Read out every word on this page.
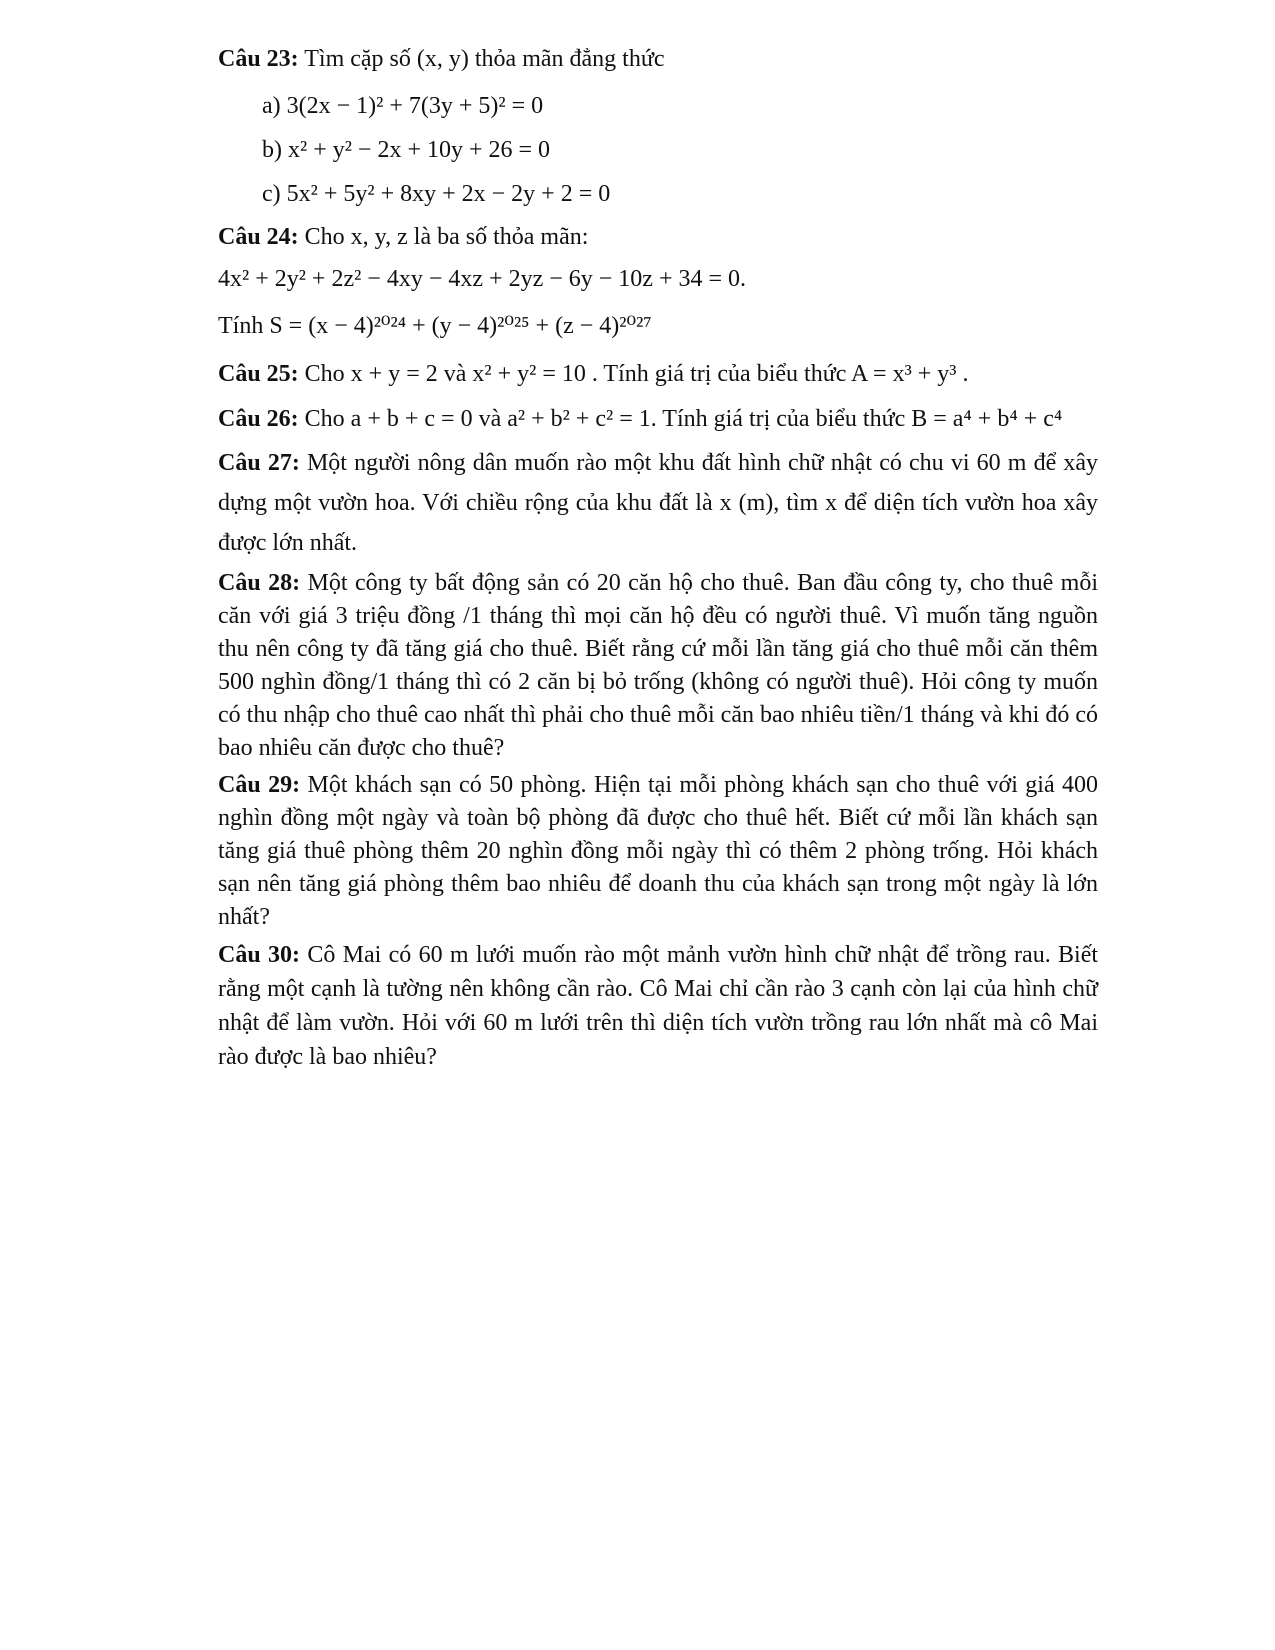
Câu 23: Tìm cặp số (x, y) thỏa mãn đẳng thức
a) 3(2x − 1)² + 7(3y + 5)² = 0
b) x² + y² − 2x + 10y + 26 = 0
c) 5x² + 5y² + 8xy + 2x − 2y + 2 = 0
Câu 24: Cho x, y, z là ba số thỏa mãn:
4x² + 2y² + 2z² − 4xy − 4xz + 2yz − 6y − 10z + 34 = 0.
Tính S = (x − 4)²⁰²⁴ + (y − 4)²⁰²⁵ + (z − 4)²⁰²⁷
Câu 25: Cho x + y = 2 và x² + y² = 10 . Tính giá trị của biểu thức A = x³ + y³ .
Câu 26: Cho a + b + c = 0 và a² + b² + c² = 1. Tính giá trị của biểu thức B = a⁴ + b⁴ + c⁴
Câu 27: Một người nông dân muốn rào một khu đất hình chữ nhật có chu vi 60 m để xây dựng một vườn hoa. Với chiều rộng của khu đất là x (m), tìm x để diện tích vườn hoa xây được lớn nhất.
Câu 28: Một công ty bất động sản có 20 căn hộ cho thuê. Ban đầu công ty, cho thuê mỗi căn với giá 3 triệu đồng /1 tháng thì mọi căn hộ đều có người thuê. Vì muốn tăng nguồn thu nên công ty đã tăng giá cho thuê. Biết rằng cứ mỗi lần tăng giá cho thuê mỗi căn thêm 500 nghìn đồng/1 tháng thì có 2 căn bị bỏ trống (không có người thuê). Hỏi công ty muốn có thu nhập cho thuê cao nhất thì phải cho thuê mỗi căn bao nhiêu tiền/1 tháng và khi đó có bao nhiêu căn được cho thuê?
Câu 29: Một khách sạn có 50 phòng. Hiện tại mỗi phòng khách sạn cho thuê với giá 400 nghìn đồng một ngày và toàn bộ phòng đã được cho thuê hết. Biết cứ mỗi lần khách sạn tăng giá thuê phòng thêm 20 nghìn đồng mỗi ngày thì có thêm 2 phòng trống. Hỏi khách sạn nên tăng giá phòng thêm bao nhiêu để doanh thu của khách sạn trong một ngày là lớn nhất?
Câu 30: Cô Mai có 60 m lưới muốn rào một mảnh vườn hình chữ nhật để trồng rau. Biết rằng một cạnh là tường nên không cần rào. Cô Mai chỉ cần rào 3 cạnh còn lại của hình chữ nhật để làm vườn. Hỏi với 60 m lưới trên thì diện tích vườn trồng rau lớn nhất mà cô Mai rào được là bao nhiêu?
